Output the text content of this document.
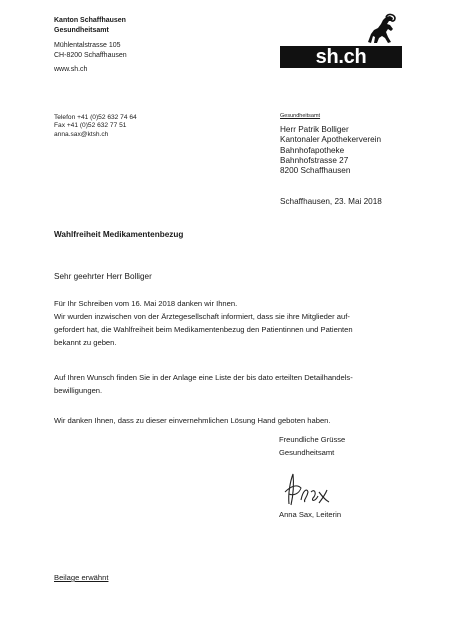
Kanton Schaffhausen
Gesundheitsamt
Mühlentalstrasse 105
CH-8200 Schaffhausen
www.sh.ch
sh.ch
Telefon +41 (0)52 632 74 64
Fax +41 (0)52 632 77 51
anna.sax@ktsh.ch
Gesundheitsamt
Herr Patrik Bolliger
Kantonaler Apothekerverein
Bahnhofapotheke
Bahnhofstrasse 27
8200 Schaffhausen
Schaffhausen, 23. Mai 2018
Wahlfreiheit Medikamentenbezug
Sehr geehrter Herr Bolliger
Für Ihr Schreiben vom 16. Mai 2018 danken wir Ihnen.
Wir wurden inzwischen von der Ärztegesellschaft informiert, dass sie ihre Mitglieder auf-
gefordert hat, die Wahlfreiheit beim Medikamentenbezug den Patientinnen und Patienten
bekannt zu geben.
Auf Ihren Wunsch finden Sie in der Anlage eine Liste der bis dato erteilten Detailhandels-
bewilligungen.
Wir danken Ihnen, dass zu dieser einvernehmlichen Lösung Hand geboten haben.
Freundliche Grüsse
Gesundheitsamt
Anna Sax, Leiterin
Beilage erwähnt
